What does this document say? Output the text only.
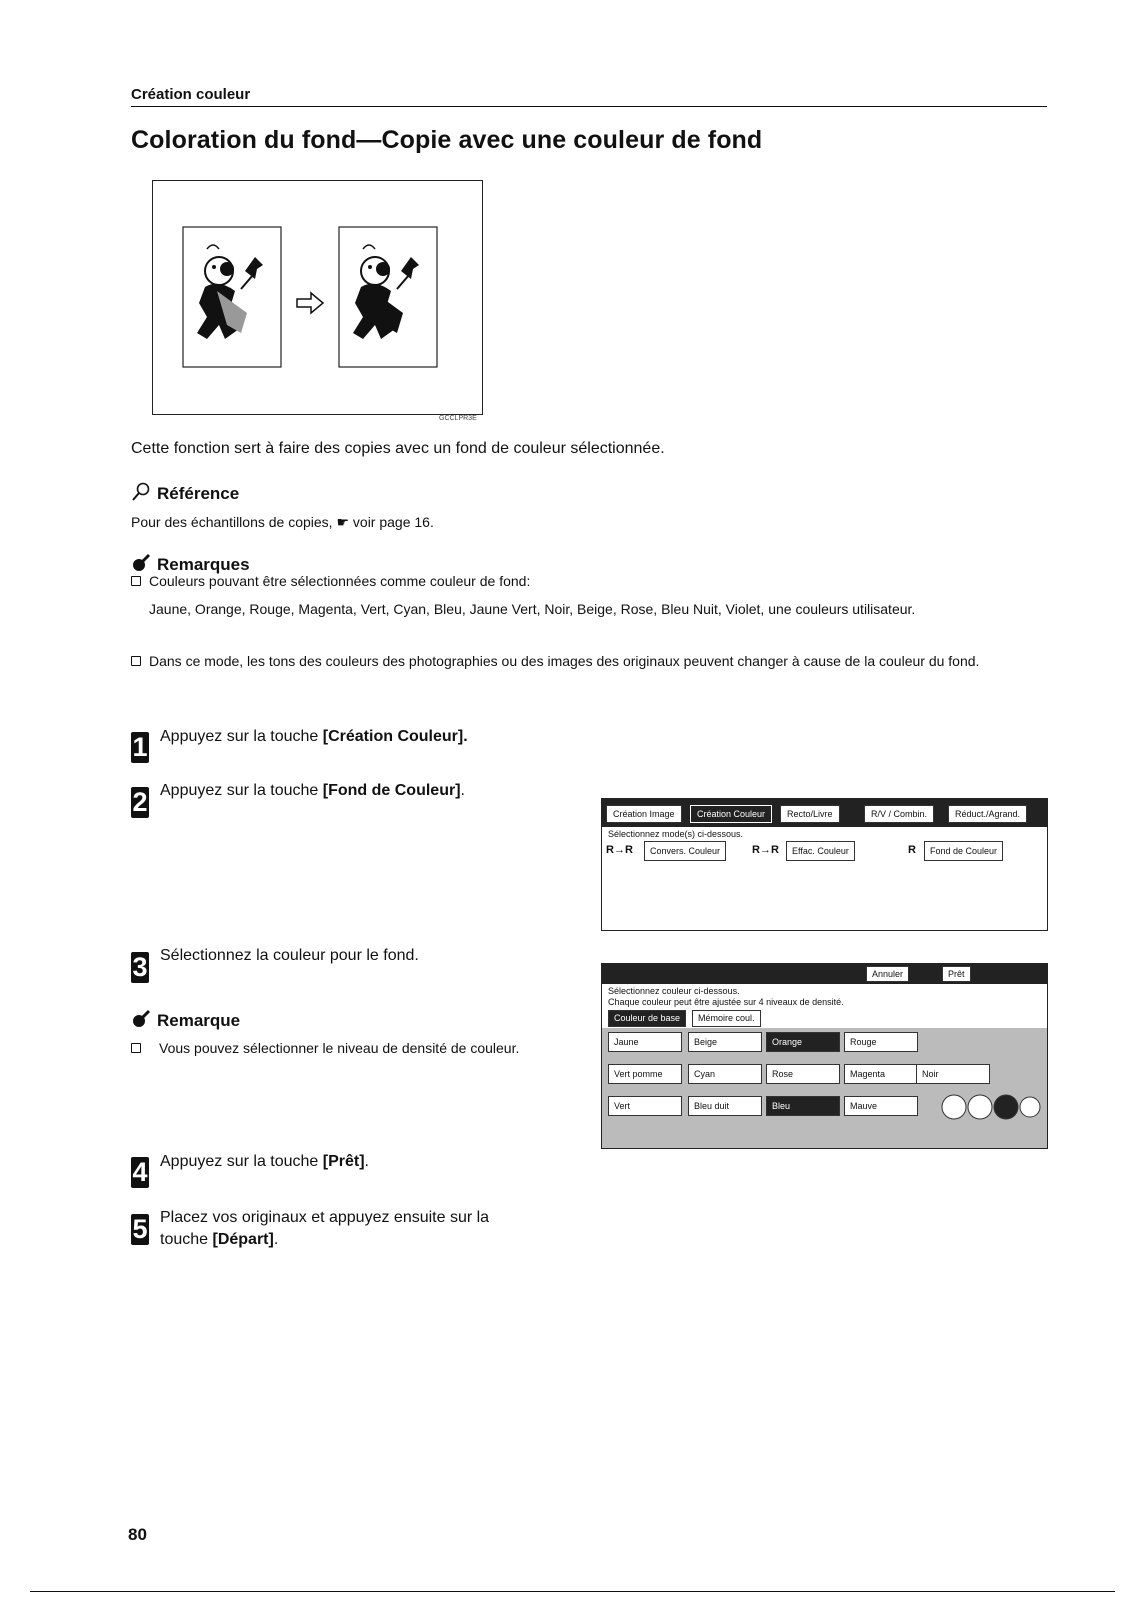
Création couleur
Coloration du fond—Copie avec une couleur de fond
GCCLPR3E
Cette fonction sert à faire des copies avec un fond de couleur sélectionnée.
Référence
Pour des échantillons de copies, ☛ voir page 16.
Remarques
Couleurs pouvant être sélectionnées comme couleur de fond:
Jaune, Orange, Rouge, Magenta, Vert, Cyan, Bleu, Jaune Vert, Noir, Beige, Rose, Bleu Nuit, Violet, une couleurs utilisateur.
Dans ce mode, les tons des couleurs des photographies ou des images des originaux peuvent changer à cause de la couleur du fond.
1 Appuyez sur la touche [Création Couleur].
2 Appuyez sur la touche [Fond de Couleur].
3 Sélectionnez la couleur pour le fond.
Remarque
Vous pouvez sélectionner le niveau de densité de couleur.
4 Appuyez sur la touche [Prêt].
5 Placez vos originaux et appuyez ensuite sur la
touche [Départ].
Création Image	Création Couleur	Recto/Livre	R/V / Combin.	Réduct./Agrand.
Sélectionnez mode(s) ci-dessous.
R→R	Convers. Couleur	R→R	Effac. Couleur	R	Fond de Couleur
Annuler	Prêt
Sélectionnez couleur ci-dessous.
Chaque couleur peut être ajustée sur 4 niveaux de densité.
Couleur de base	Mémoire coul.
Jaune	Beige	Orange	Rouge
Vert pomme	Cyan	Rose	Magenta	Noir
Vert	Bleu duit	Bleu	Mauve
80
